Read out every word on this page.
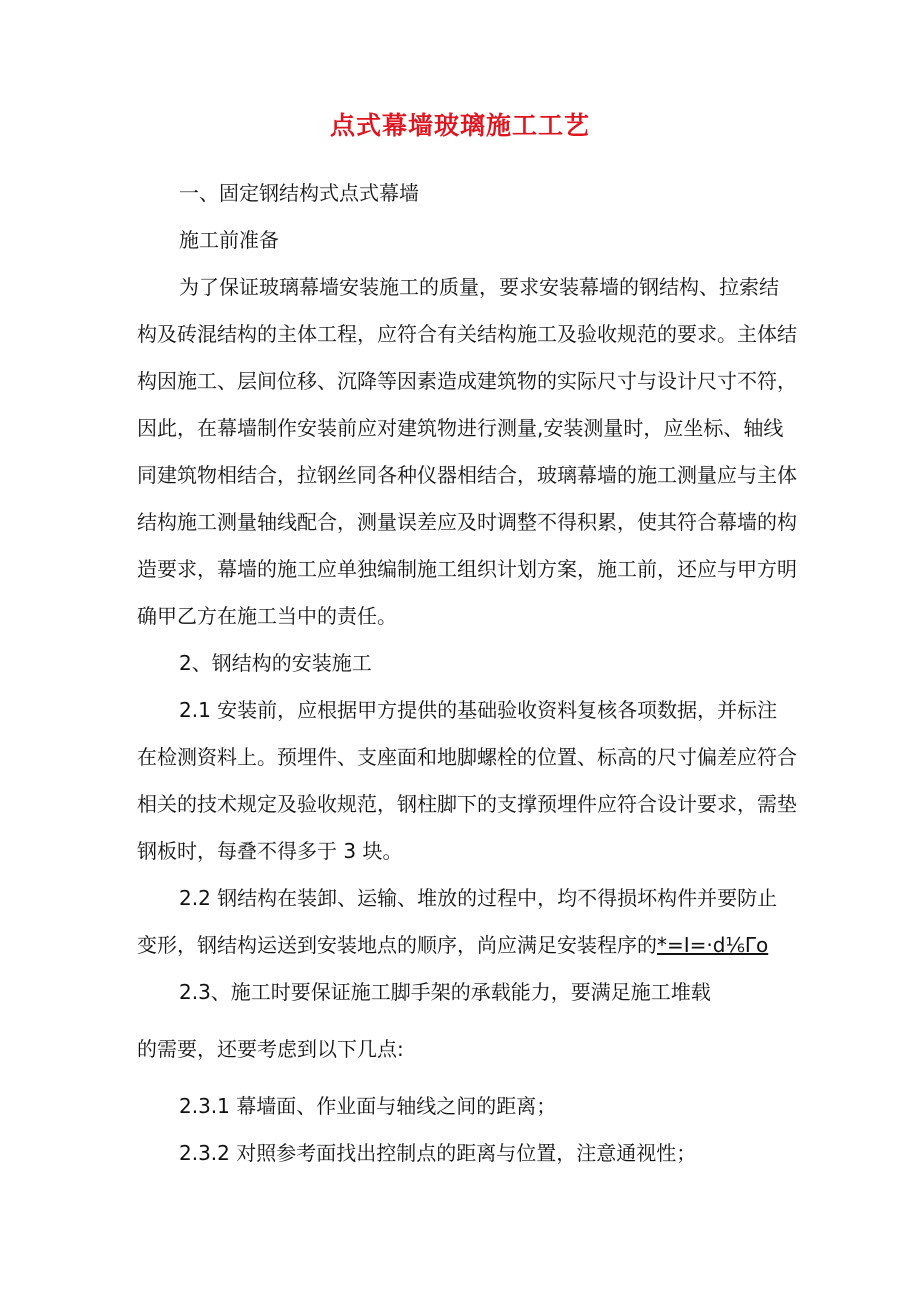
点式幕墙玻璃施工工艺

一、固定钢结构式点式幕墙

施工前准备

为了保证玻璃幕墙安装施工的质量，要求安装幕墙的钢结构、拉索结构及砖混结构的主体工程，应符合有关结构施工及验收规范的要求。主体结构因施工、层间位移、沉降等因素造成建筑物的实际尺寸与设计尺寸不符，因此，在幕墙制作安装前应对建筑物进行测量,安装测量时，应坐标、轴线同建筑物相结合，拉钢丝同各种仪器相结合，玻璃幕墙的施工测量应与主体结构施工测量轴线配合，测量误差应及时调整不得积累，使其符合幕墙的构造要求，幕墙的施工应单独编制施工组织计划方案，施工前，还应与甲方明确甲乙方在施工当中的责任。

2、钢结构的安装施工

2.1 安装前，应根据甲方提供的基础验收资料复核各项数据，并标注在检测资料上。预埋件、支座面和地脚螺栓的位置、标高的尺寸偏差应符合相关的技术规定及验收规范，钢柱脚下的支撑预埋件应符合设计要求，需垫钢板时，每叠不得多于 3 块。

2.2 钢结构在装卸、运输、堆放的过程中，均不得损坏构件并要防止变形，钢结构运送到安装地点的顺序，尚应满足安装程序的*=I=·d⅙Γo

2.3、施工时要保证施工脚手架的承载能力，要满足施工堆载

的需要，还要考虑到以下几点:

2.3.1 幕墙面、作业面与轴线之间的距离；

2.3.2 对照参考面找出控制点的距离与位置，注意通视性；
